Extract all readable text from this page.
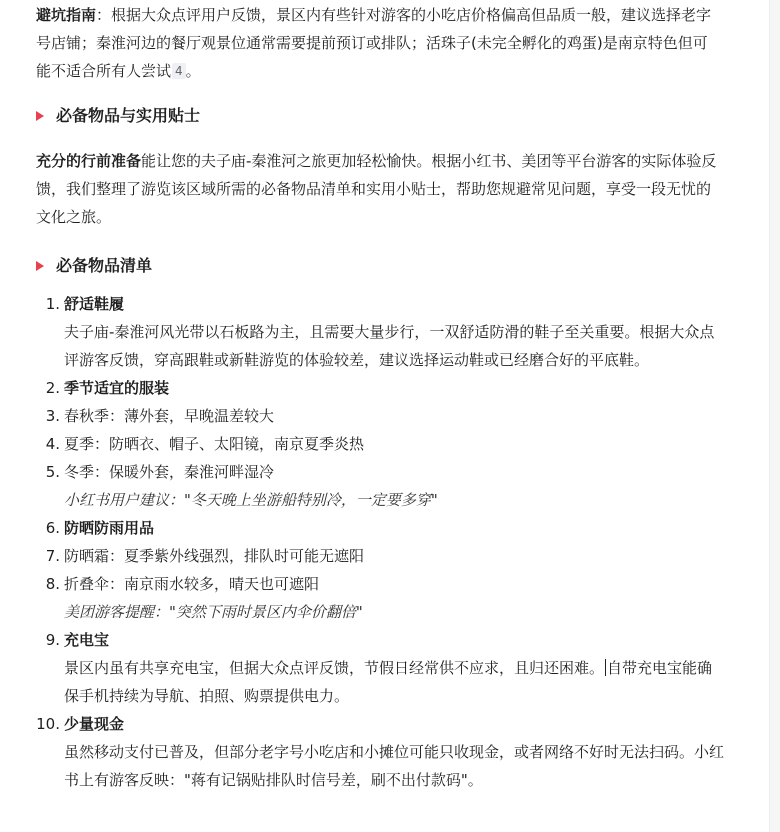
避坑指南：根据大众点评用户反馈，景区内有些针对游客的小吃店价格偏高但品质一般，建议选择老字号店铺；秦淮河边的餐厅观景位通常需要提前预订或排队；活珠子(未完全孵化的鸡蛋)是南京特色但可能不适合所有人尝试 4 。

必备物品与实用贴士

充分的行前准备能让您的夫子庙-秦淮河之旅更加轻松愉快。根据小红书、美团等平台游客的实际体验反馈，我们整理了游览该区域所需的必备物品清单和实用小贴士，帮助您规避常见问题，享受一段无忧的文化之旅。

必备物品清单
1. 舒适鞋履
夫子庙-秦淮河风光带以石板路为主，且需要大量步行，一双舒适防滑的鞋子至关重要。根据大众点评游客反馈，穿高跟鞋或新鞋游览的体验较差，建议选择运动鞋或已经磨合好的平底鞋。
2. 季节适宜的服装
3. 春秋季：薄外套，早晚温差较大
4. 夏季：防晒衣、帽子、太阳镜，南京夏季炎热
5. 冬季：保暖外套，秦淮河畔湿冷
小红书用户建议："冬天晚上坐游船特别冷，一定要多穿"
6. 防晒防雨用品
7. 防晒霜：夏季紫外线强烈，排队时可能无遮阳
8. 折叠伞：南京雨水较多，晴天也可遮阳
美团游客提醒："突然下雨时景区内伞价翻倍"
9. 充电宝
景区内虽有共享充电宝，但据大众点评反馈，节假日经常供不应求，且归还困难。 自带充电宝能确保手机持续为导航、拍照、购票提供电力。
10. 少量现金
虽然移动支付已普及，但部分老字号小吃店和小摊位可能只收现金，或者网络不好时无法扫码。小红书上有游客反映："蒋有记锅贴排队时信号差，刷不出付款码"。
